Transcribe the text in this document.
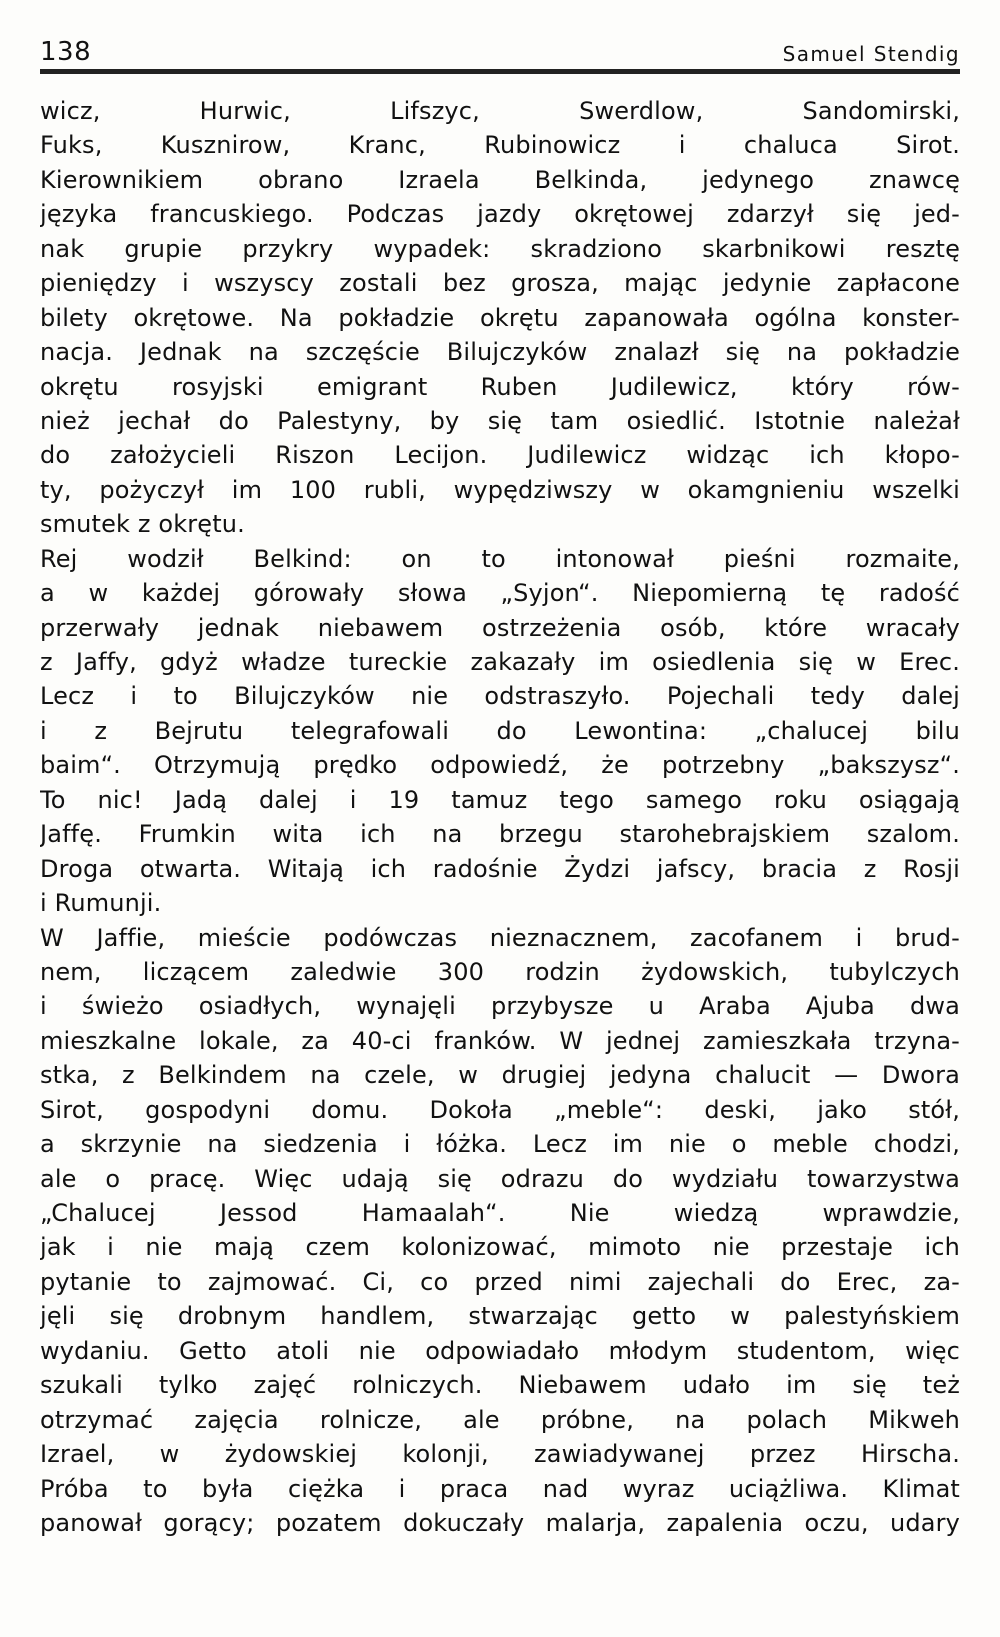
138	Samuel Stendig
wicz, Hurwic, Lifszyc, Swerdlow, Sandomirski,
Fuks, Kusznirow, Kranc, Rubinowicz i chaluca Sirot.
Kierownikiem obrano Izraela Belkinda, jedynego znawcę
języka francuskiego. Podczas jazdy okrętowej zdarzył się jed-
nak grupie przykry wypadek: skradziono skarbnikowi resztę
pieniędzy i wszyscy zostali bez grosza, mając jedynie zapłacone
bilety okrętowe. Na pokładzie okrętu zapanowała ogólna konster-
nacja. Jednak na szczęście Bilujczyków znalazł się na pokładzie
okrętu rosyjski emigrant Ruben Judilewicz, który rów-
nież jechał do Palestyny, by się tam osiedlić. Istotnie należał
do założycieli Riszon Lecijon. Judilewicz widząc ich kłopo-
ty, pożyczył im 100 rubli, wypędziwszy w okamgnieniu wszelki
smutek z okrętu.
Rej wodził Belkind: on to intonował pieśni rozmaite,
a w każdej górowały słowa „Syjon“. Niepomierną tę radość
przerwały jednak niebawem ostrzeżenia osób, które wracały
z Jaffy, gdyż władze tureckie zakazały im osiedlenia się w Erec.
Lecz i to Bilujczyków nie odstraszyło. Pojechali tedy dalej
i z Bejrutu telegrafowali do Lewontina: „chalucej bilu
baim“. Otrzymują prędko odpowiedź, że potrzebny „bakszysz“.
To nic! Jadą dalej i 19 tamuz tego samego roku osiągają
Jaffę. Frumkin wita ich na brzegu starohebrajskiem szalom.
Droga otwarta. Witają ich radośnie Żydzi jafscy, bracia z Rosji
i Rumunji.
W Jaffie, mieście podówczas nieznacznem, zacofanem i brud-
nem, liczącem zaledwie 300 rodzin żydowskich, tubylczych
i świeżo osiadłych, wynajęli przybysze u Araba Ajuba dwa
mieszkalne lokale, za 40-ci franków. W jednej zamieszkała trzyna-
stka, z Belkindem na czele, w drugiej jedyna chalucit — Dwora
Sirot, gospodyni domu. Dokoła „meble“: deski, jako stół,
a skrzynie na siedzenia i łóżka. Lecz im nie o meble chodzi,
ale o pracę. Więc udają się odrazu do wydziału towarzystwa
„Chalucej Jessod Hamaalah“. Nie wiedzą wprawdzie,
jak i nie mają czem kolonizować, mimoto nie przestaje ich
pytanie to zajmować. Ci, co przed nimi zajechali do Erec, za-
jęli się drobnym handlem, stwarzając getto w palestyńskiem
wydaniu. Getto atoli nie odpowiadało młodym studentom, więc
szukali tylko zajęć rolniczych. Niebawem udało im się też
otrzymać zajęcia rolnicze, ale próbne, na polach Mikweh
Izrael, w żydowskiej kolonji, zawiadywanej przez Hirscha.
Próba to była ciężka i praca nad wyraz uciążliwa. Klimat
panował gorący; pozatem dokuczały malarja, zapalenia oczu, udary
